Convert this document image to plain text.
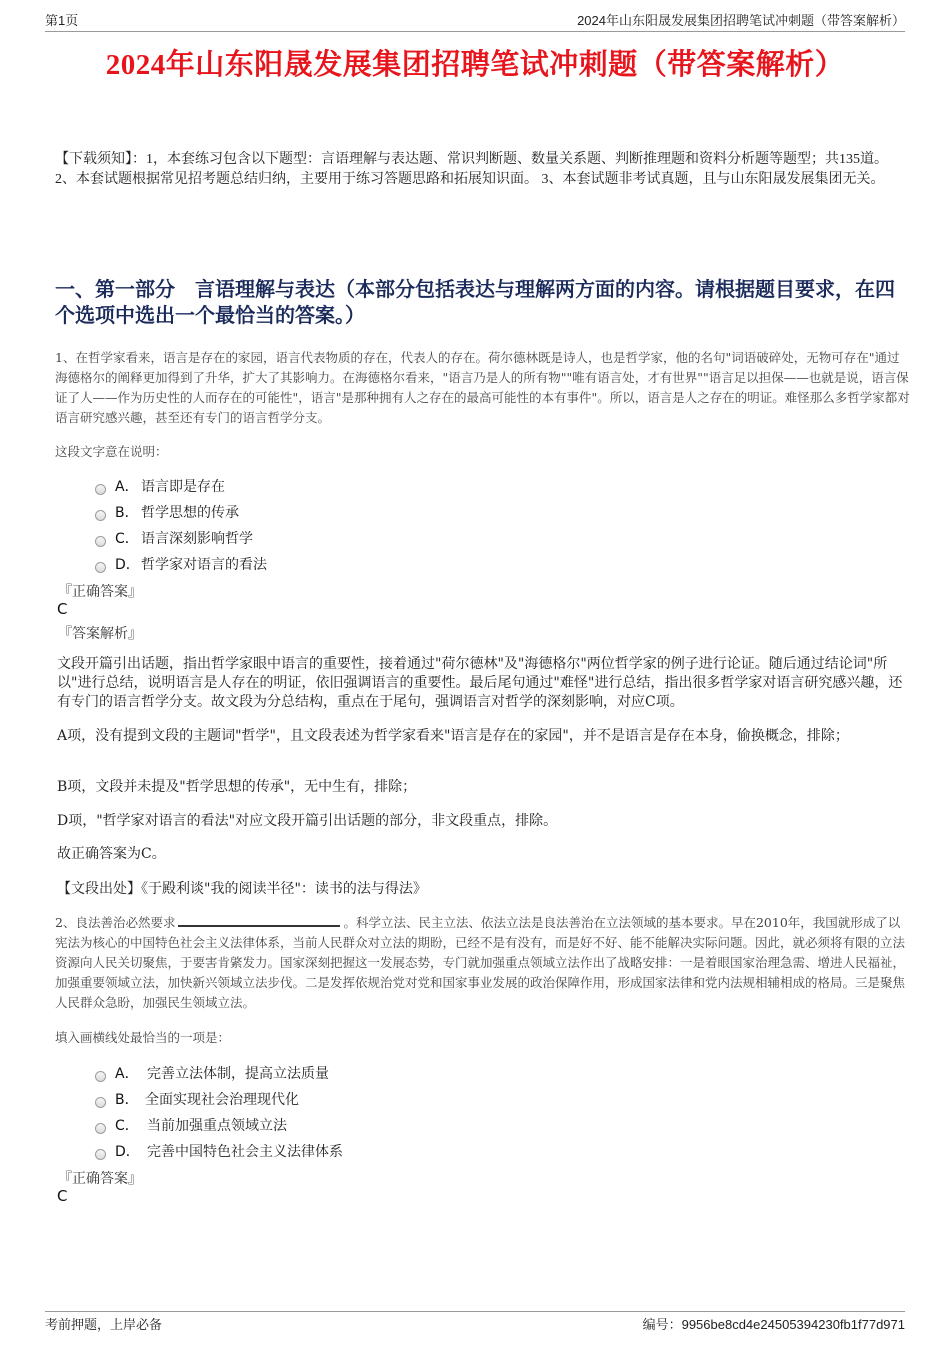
第1页	2024年山东阳晟发展集团招聘笔试冲刺题（带答案解析）
2024年山东阳晟发展集团招聘笔试冲刺题（带答案解析）

【下载须知】：1，本套练习包含以下题型：言语理解与表达题、常识判断题、数量关系题、判断推理题和资料分析题等题型；共135道。 2、本套试题根据常见招考题总结归纳，主要用于练习答题思路和拓展知识面。 3、本套试题非考试真题，且与山东阳晟发展集团无关。

一、第一部分　言语理解与表达（本部分包括表达与理解两方面的内容。请根据题目要求，在四个选项中选出一个最恰当的答案。）

1、在哲学家看来，语言是存在的家园，语言代表物质的存在，代表人的存在。荷尔德林既是诗人，也是哲学家，他的名句"词语破碎处，无物可存在"通过海德格尔的阐释更加得到了升华，扩大了其影响力。在海德格尔看来，"语言乃是人的所有物""唯有语言处，才有世界""语言足以担保——也就是说，语言保证了人——作为历史性的人而存在的可能性"，语言"是那种拥有人之存在的最高可能性的本有事件"。所以，语言是人之存在的明证。难怪那么多哲学家都对语言研究感兴趣，甚至还有专门的语言哲学分支。

这段文字意在说明：

A． 语言即是存在
B． 哲学思想的传承
C． 语言深刻影响哲学
D． 哲学家对语言的看法
『正确答案』
C
『答案解析』

文段开篇引出话题，指出哲学家眼中语言的重要性，接着通过"荷尔德林"及"海德格尔"两位哲学家的例子进行论证。随后通过结论词"所以"进行总结，说明语言是人存在的明证，依旧强调语言的重要性。最后尾句通过"难怪"进行总结，指出很多哲学家对语言研究感兴趣，还有专门的语言哲学分支。故文段为分总结构，重点在于尾句，强调语言对哲学的深刻影响，对应C项。

A项，没有提到文段的主题词"哲学"，且文段表述为哲学家看来"语言是存在的家园"，并不是语言是存在本身，偷换概念，排除；

B项，文段并未提及"哲学思想的传承"，无中生有，排除；

D项，"哲学家对语言的看法"对应文段开篇引出话题的部分，非文段重点，排除。

故正确答案为C。

【文段出处】《于殿利谈"我的阅读半径"：读书的法与得法》

2、良法善治必然要求	。科学立法、民主立法、依法立法是良法善治在立法领域的基本要求。早在2010年，我国就形成了以宪法为核心的中国特色社会主义法律体系，当前人民群众对立法的期盼，已经不是有没有，而是好不好、能不能解决实际问题。因此，就必须将有限的立法资源向人民关切聚焦，于要害肯綮发力。国家深刻把握这一发展态势，专门就加强重点领域立法作出了战略安排：一是着眼国家治理急需、增进人民福祉，加强重要领域立法，加快新兴领域立法步伐。二是发挥依规治党对党和国家事业发展的政治保障作用，形成国家法律和党内法规相辅相成的格局。三是聚焦人民群众急盼，加强民生领域立法。

填入画横线处最恰当的一项是：

A． 完善立法体制，提高立法质量
B． 全面实现社会治理现代化
C． 当前加强重点领域立法
D． 完善中国特色社会主义法律体系
『正确答案』
C
考前押题，上岸必备	编号：9956be8cd4e24505394230fb1f77d971
